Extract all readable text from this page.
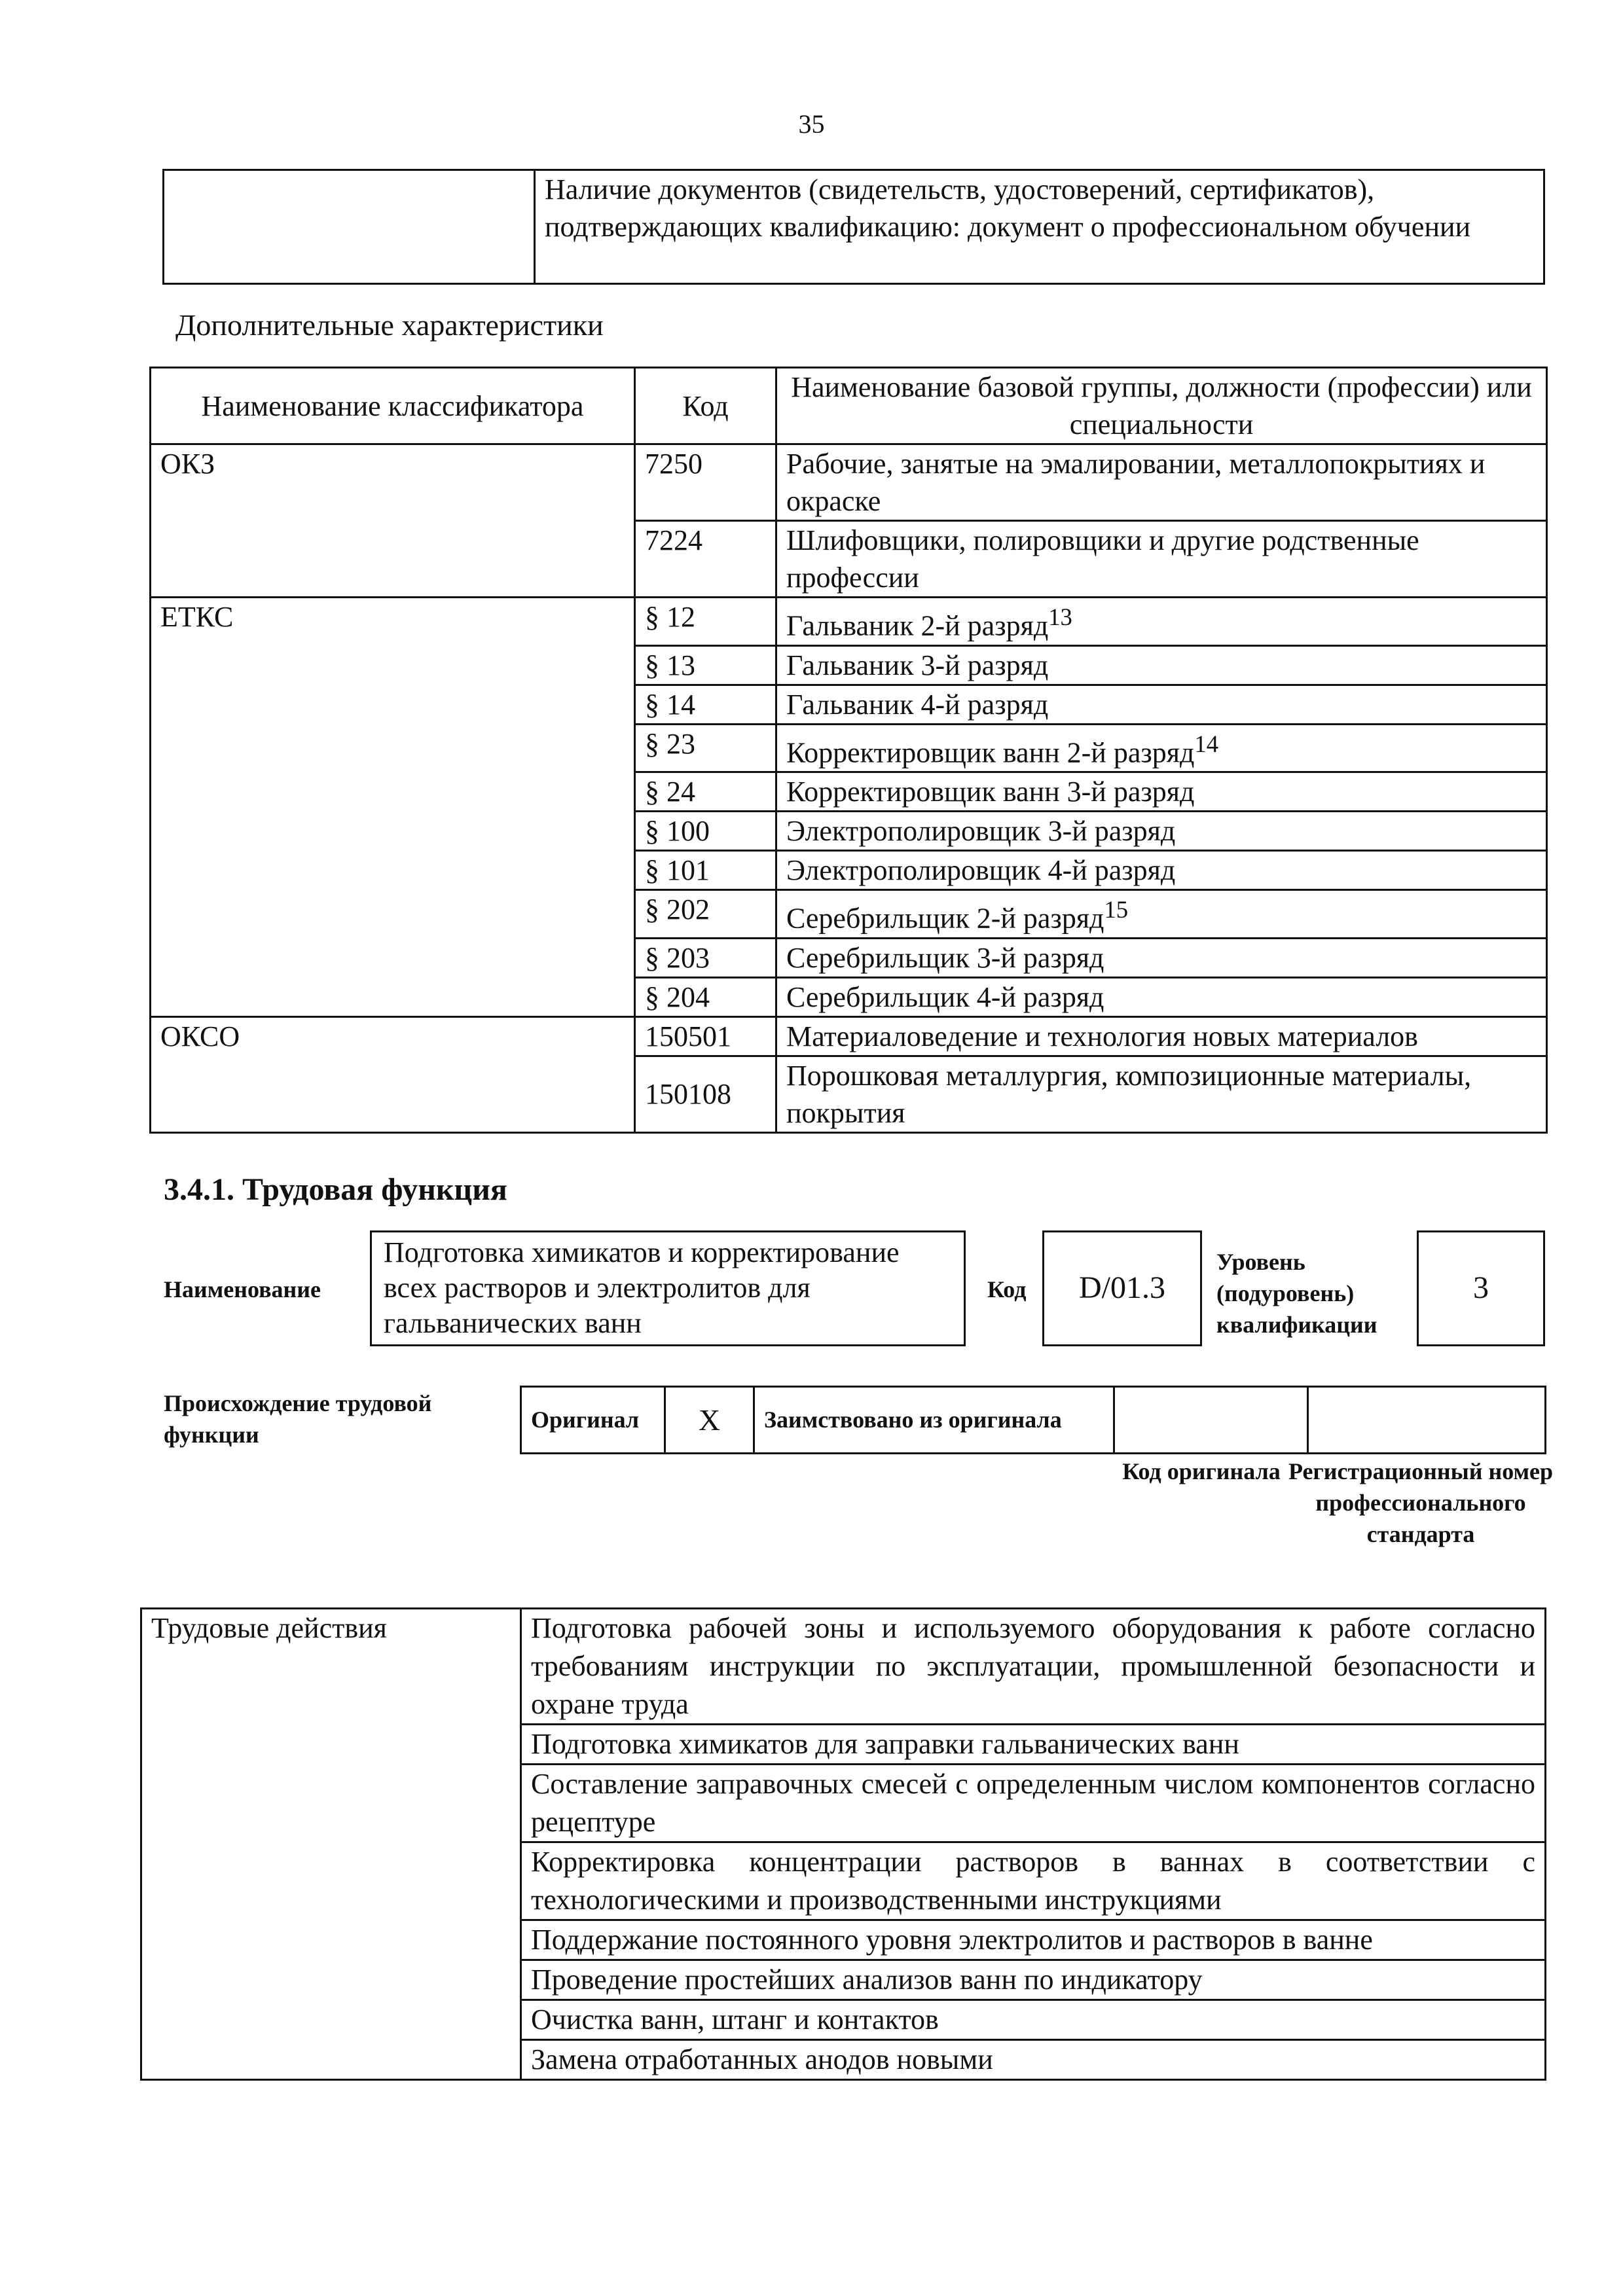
35
	Наличие документов (свидетельств, удостоверений, сертификатов), подтверждающих квалификацию: документ о профессиональном обучении
Дополнительные характеристики
Наименование классификатора	Код	Наименование базовой группы, должности (профессии) или специальности
ОКЗ	7250	Рабочие, занятые на эмалировании, металлопокрытиях и окраске
	7224	Шлифовщики, полировщики и другие родственные профессии
ЕТКС	§ 12	Гальваник 2-й разряд$^{13}$
	§ 13	Гальваник 3-й разряд
	§ 14	Гальваник 4-й разряд
	§ 23	Корректировщик ванн 2-й разряд$^{14}$
	§ 24	Корректировщик ванн 3-й разряд
	§ 100	Электрополировщик 3-й разряд
	§ 101	Электрополировщик 4-й разряд
	§ 202	Серебрильщик 2-й разряд$^{15}$
	§ 203	Серебрильщик 3-й разряд
	§ 204	Серебрильщик 4-й разряд
ОКСО	150501	Материаловедение и технология новых материалов
	150108	Порошковая металлургия, композиционные материалы, покрытия
3.4.1. Трудовая функция
Наименование
Подготовка химикатов и корректирование всех растворов и электролитов для гальванических ванн
Код	D/01.3
Уровень
(подуровень)
квалификации
3
Происхождение трудовой функции
Оригинал	X	Заимствовано из оригинала		
Код оригинала Регистрационный номер профессионального стандарта
Трудовые действия	Подготовка рабочей зоны и используемого оборудования к работе согласно требованиям инструкции по эксплуатации, промышленной безопасности и охране труда
Подготовка химикатов для заправки гальванических ванн
Составление заправочных смесей с определенным числом компонентов согласно рецептуре
Корректировка концентрации растворов в ваннах в соответствии с технологическими и производственными инструкциями
Поддержание постоянного уровня электролитов и растворов в ванне
Проведение простейших анализов ванн по индикатору
Очистка ванн, штанг и контактов
Замена отработанных анодов новыми
